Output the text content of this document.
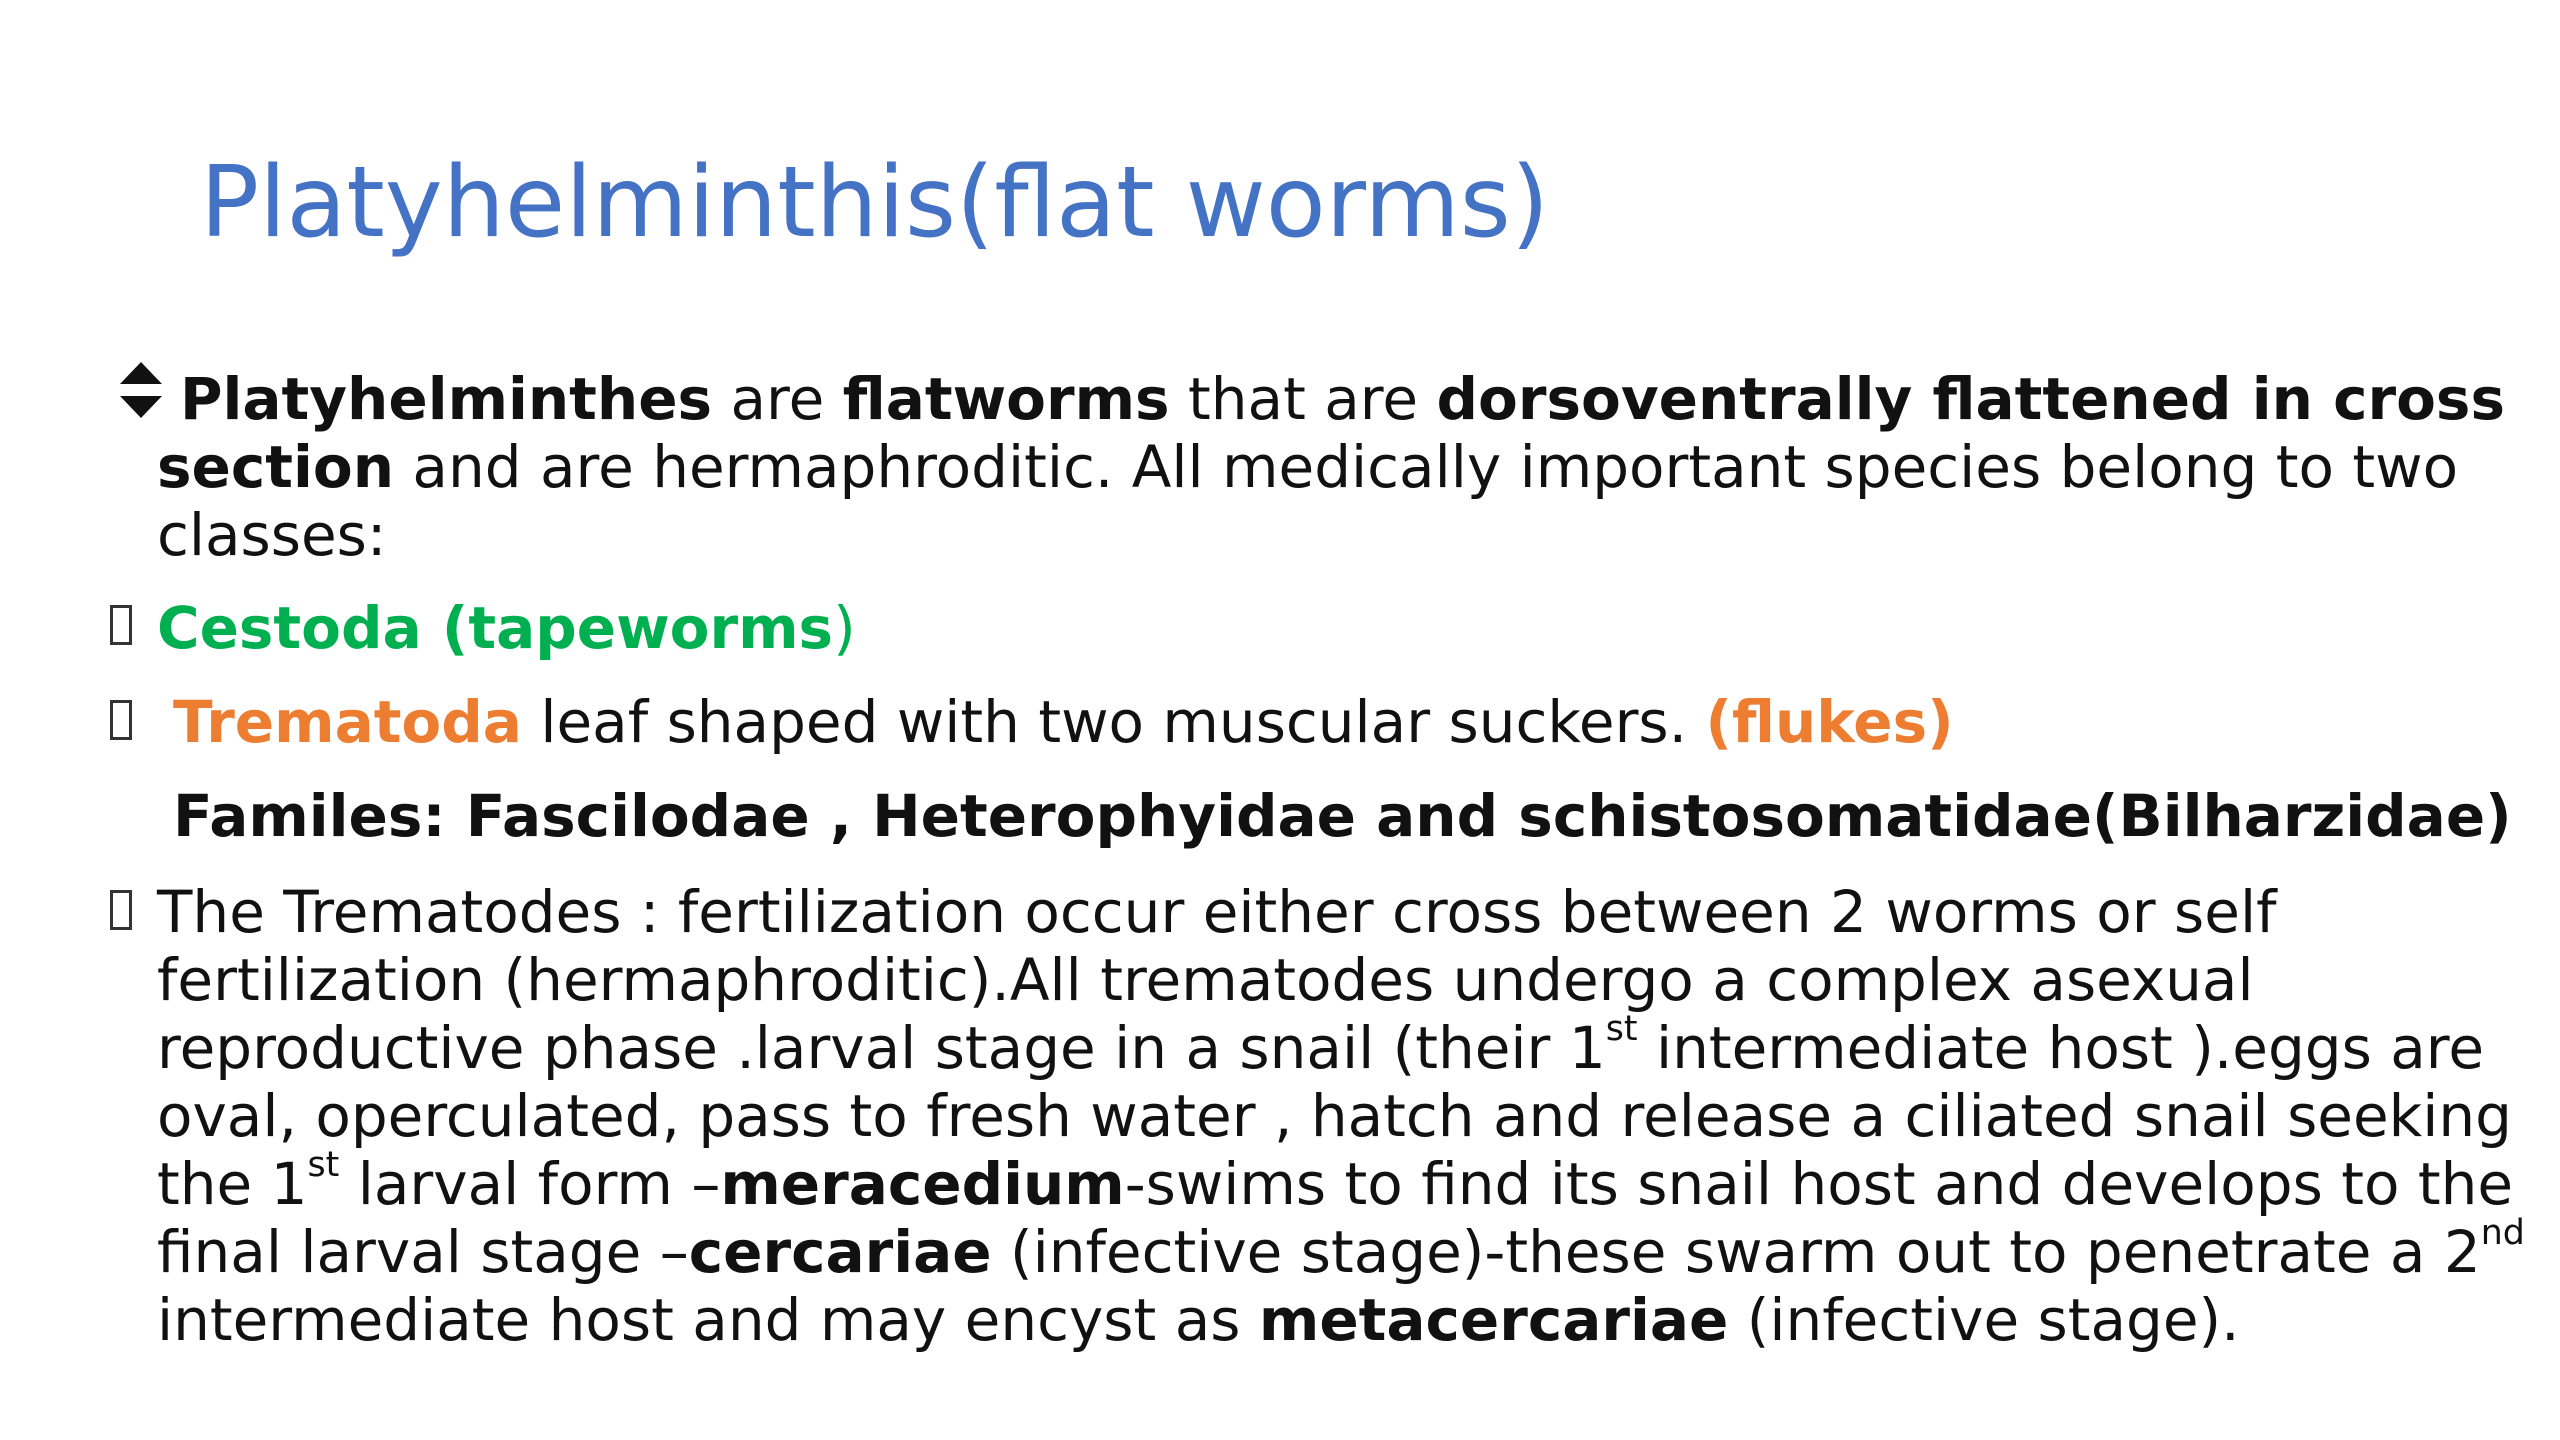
Platyhelminthis(flat worms)
Platyhelminthes are flatworms that are dorsoventrally flattened in cross
section and are hermaphroditic. All medically important species belong to two
classes:
Cestoda (tapeworms)
Trematoda leaf shaped with two muscular suckers. (flukes)
Familes: Fascilodae , Heterophyidae and schistosomatidae(Bilharzidae)
The Trematodes : fertilization occur either cross between 2 worms or self
fertilization (hermaphroditic).All trematodes undergo a complex asexual
reproductive phase .larval stage in a snail (their 1st intermediate host ).eggs are
oval, operculated, pass to fresh water , hatch and release a ciliated snail seeking
the 1st larval form –meracedium-swims to find its snail host and develops to the
final larval stage –cercariae (infective stage)-these swarm out to penetrate a 2nd
intermediate host and may encyst as metacercariae (infective stage).
